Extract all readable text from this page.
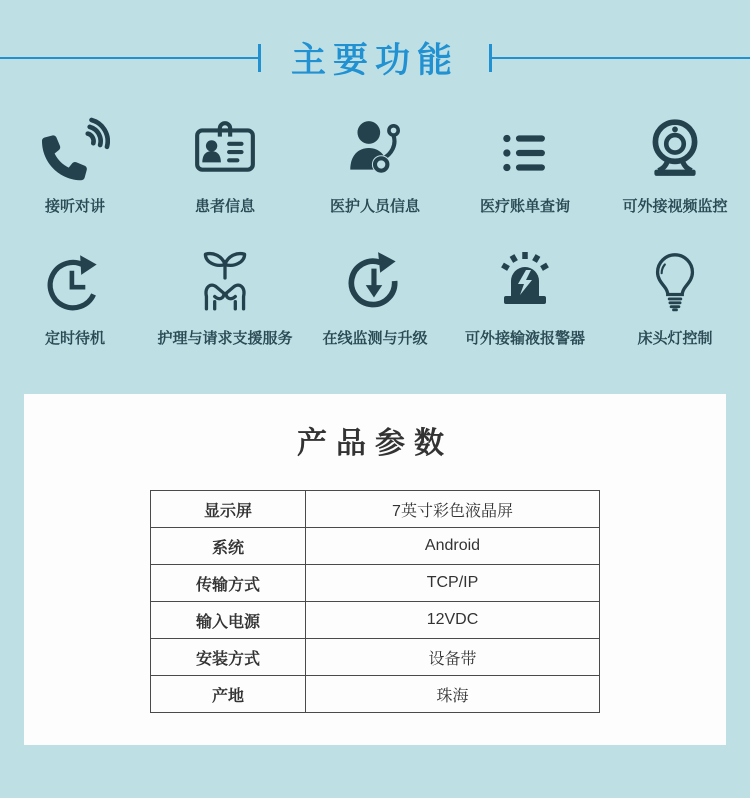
主要功能
接听对讲	患者信息	医护人员信息	医疗账单查询	可外接视频监控
定时待机	护理与请求支援服务 在线监测与升级 可外接输液报警器	床头灯控制
产品参数
显示屏	7英寸彩色液晶屏
系统	Android
传输方式	TCP/IP
输入电源	12VDC
安装方式	设备带
产地	珠海
